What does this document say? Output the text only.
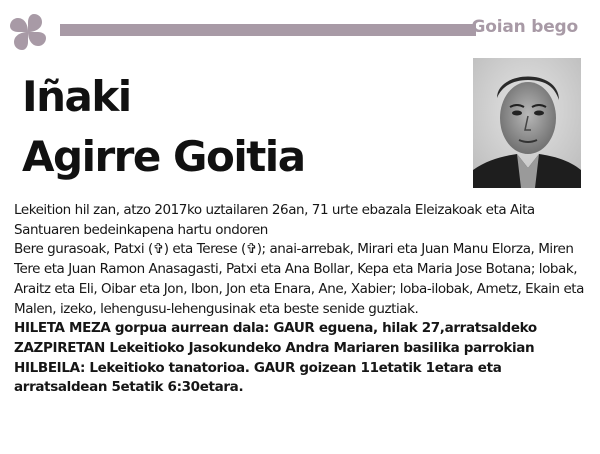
Goian bego
Iñaki
Agirre Goitia

Lekeition hil zan, atzo 2017ko uztailaren 26an, 71 urte ebazala Eleizakoak eta Aita Santuaren bedeinkapena hartu ondoren

Bere gurasoak, Patxi (✞) eta Terese (✞); anai-arrebak, Mirari eta Juan Manu Elorza, Miren Tere eta Juan Ramon Anasagasti, Patxi eta Ana Bollar, Kepa eta Maria Jose Botana; lobak, Araitz eta Eli, Oibar eta Jon, Ibon, Jon eta Enara, Ane, Xabier; loba-ilobak, Ametz, Ekain eta Malen, izeko, lehengusu-lehengusinak eta beste senide guztiak.

HILETA MEZA gorpua aurrean dala: GAUR eguena, hilak 27,arratsaldeko ZAZPIRETAN Lekeitioko Jasokundeko Andra Mariaren basilika parrokian

HILBEILA: Lekeitioko tanatorioa. GAUR goizean 11etatik 1etara eta arratsaldean 5etatik 6:30etara.
